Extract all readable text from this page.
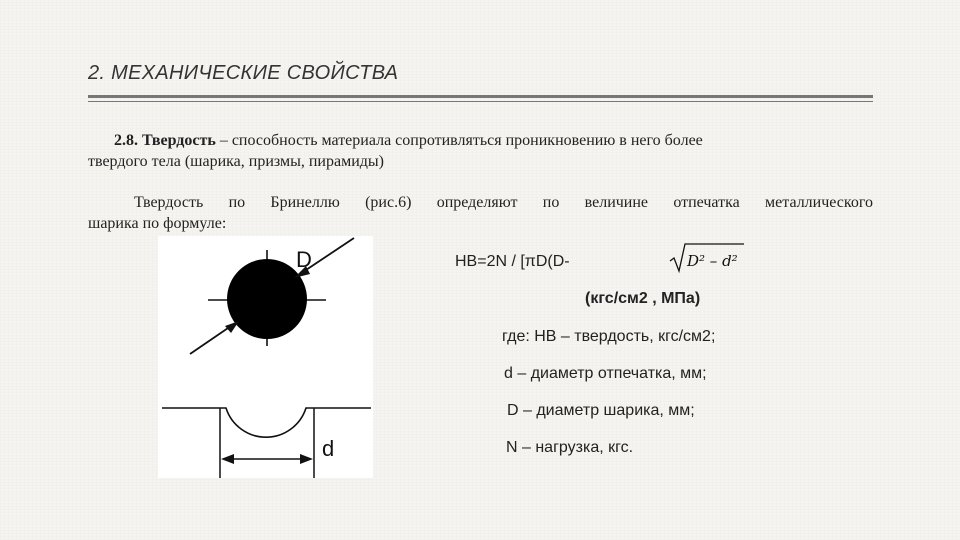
2. МЕХАНИЧЕСКИЕ СВОЙСТВА
2.8. Твердость – способность материала сопротивляться проникновению в него более
твердого тела (шарика, призмы, пирамиды)
Твердость по Бринеллю (рис.6) определяют по величине отпечатка металлического
шарика по формуле:
D
d
HB=2N / [πD(D-	D² – d²
(кгс/см2 , МПа)
где: НВ – твердость, кгс/см2;
d – диаметр отпечатка, мм;
D – диаметр шарика, мм;
N – нагрузка, кгс.
